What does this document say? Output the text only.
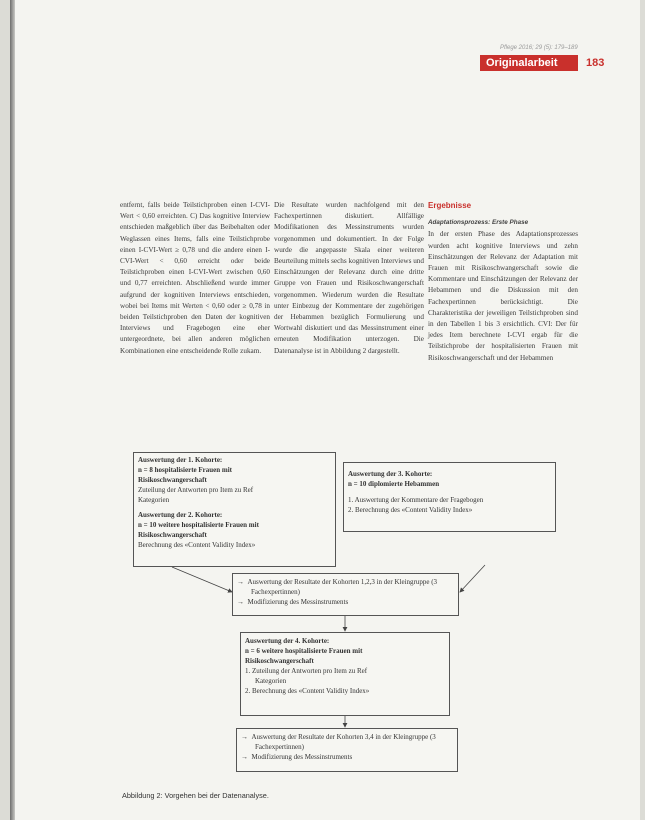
Pflege 2016; 29 (5): 179–189
Originalarbeit	183

entfernt, falls beide Teilstichproben einen I-CVI-Wert < 0,60 erreichten. C) Das kognitive Interview entschieden maßgeblich über das Beibehalten oder Weglassen eines Items, falls eine Teilstichprobe einen I-CVI-Wert ≥ 0,78 und die andere einen I-CVI-Wert < 0,60 erreicht oder beide Teilstichproben einen I-CVI-Wert zwischen 0,60 und 0,77 erreichten. Abschließend wurde immer aufgrund der kognitiven Interviews entschieden, wobei bei Items mit Werten < 0,60 oder ≥ 0,78 in beiden Teilstichproben den Daten der kognitiven Interviews und Fragebogen eine eher untergeordnete, bei allen anderen möglichen Kombinationen eine entscheidende Rolle zukam.

Die Resultate wurden nachfolgend mit den Fachexpertinnen diskutiert. Allfällige Modifikationen des Messinstruments wurden vorgenommen und dokumentiert. In der Folge wurde die angepasste Skala einer weiteren Beurteilung mittels sechs kognitiven Interviews und Einschätzungen der Relevanz durch eine dritte Gruppe von Frauen und Risikoschwangerschaft vorgenommen. Wiederum wurden die Resultate unter Einbezug der Kommentare der zugehörigen der Hebammen bezüglich Formulierung und Wortwahl diskutiert und das Messinstrument einer erneuten Modifikation unterzogen. Die Datenanalyse ist in Abbildung 2 dargestellt.

Ergebnisse
Adaptationsprozess: Erste Phase

In der ersten Phase des Adaptationsprozesses wurden acht kognitive Interviews und zehn Einschätzungen der Relevanz der Adaptation mit Frauen mit Risikoschwangerschaft sowie die Kommentare und Einschätzungen der Relevanz der Hebammen und die Diskussion mit den Fachexpertinnen berücksichtigt. Die Charakteristika der jeweiligen Teilstichproben sind in den Tabellen 1 bis 3 ersichtlich. CVI: Der für jedes Item berechnete I-CVI ergab für die Teilstichprobe der hospitalisierten Frauen mit Risikoschwangerschaft und der Hebammen

Auswertung der 1. Kohorte:
n = 8 hospitalisierte Frauen mit
Risikoschwangerschaft
Zuteilung der Antworten pro Item zu Ref
Kategorien
Auswertung der 2. Kohorte:
n = 10 weitere hospitalisierte Frauen mit
Risikoschwangerschaft
Berechnung des «Content Validity Index»
Auswertung der 3. Kohorte:
n = 10 diplomierte Hebammen
1. Auswertung der Kommentare der Fragebogen
2. Berechnung des «Content Validity Index»
→ Auswertung der Resultate der Kohorten 1,2,3 in der Kleingruppe (3 Fachexpertinnen)
→ Modifizierung des Messinstruments
Auswertung der 4. Kohorte:
n = 6 weitere hospitalisierte Frauen mit
Risikoschwangerschaft
1. Zuteilung der Antworten pro Item zu Ref
Kategorien
2. Berechnung des «Content Validity Index»
→ Auswertung der Resultate der Kohorten 3,4 in der Kleingruppe (3 Fachexpertinnen)
→ Modifizierung des Messinstruments
Abbildung 2: Vorgehen bei der Datenanalyse.
